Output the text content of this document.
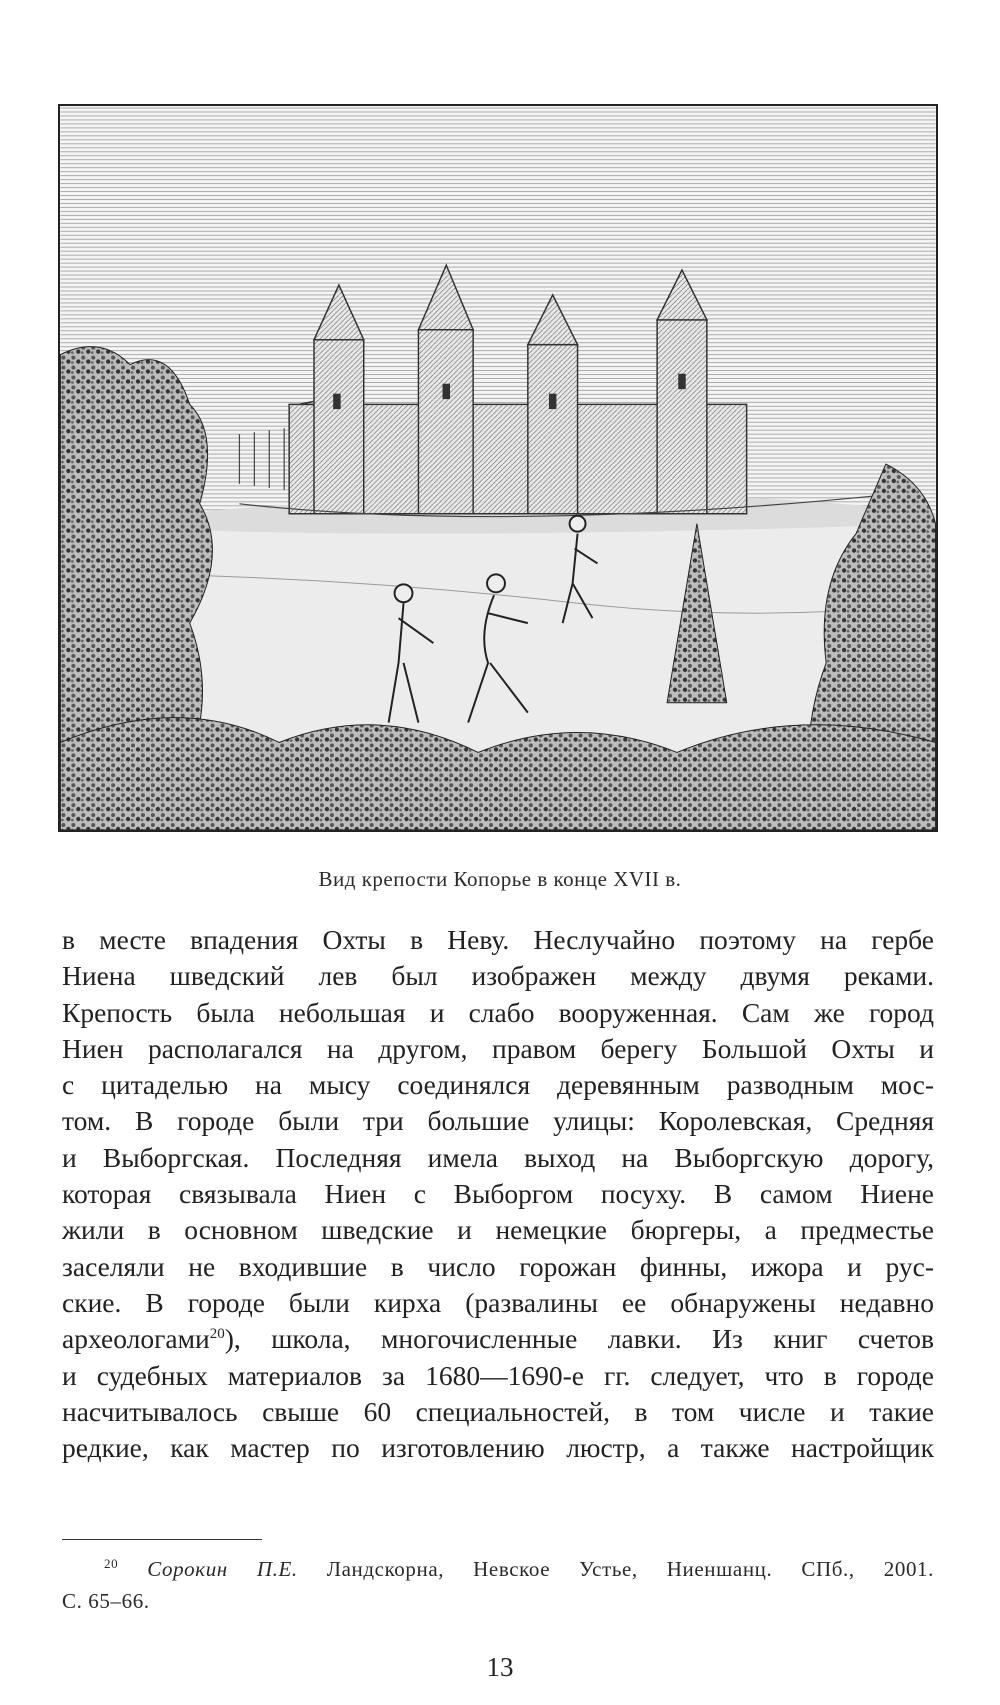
Вид крепости Копорье в конце XVII в.
в месте впадения Охты в Неву. Неслучайно поэтому на гербе
Ниена шведский лев был изображен между двумя реками.
Крепость была небольшая и слабо вооруженная. Сам же город
Ниен располагался на другом, правом берегу Большой Охты и
с цитаделью на мысу соединялся деревянным разводным мос-
том. В городе были три большие улицы: Королевская, Средняя
и Выборгская. Последняя имела выход на Выборгскую дорогу,
которая связывала Ниен с Выборгом посуху. В самом Ниене
жили в основном шведские и немецкие бюргеры, а предместье
заселяли не входившие в число горожан финны, ижора и рус-
ские. В городе были кирха (развалины ее обнаружены недавно
археологами$^{20}$), школа, многочисленные лавки. Из книг счетов
и судебных материалов за 1680—1690-е гг. следует, что в городе
насчитывалось свыше 60 специальностей, в том числе и такие
редкие, как мастер по изготовлению люстр, а также настройщик
$^{20}$ Сорокин П.Е. Ландскорна, Невское Устье, Ниеншанц. СПб., 2001.
С. 65–66.
13
